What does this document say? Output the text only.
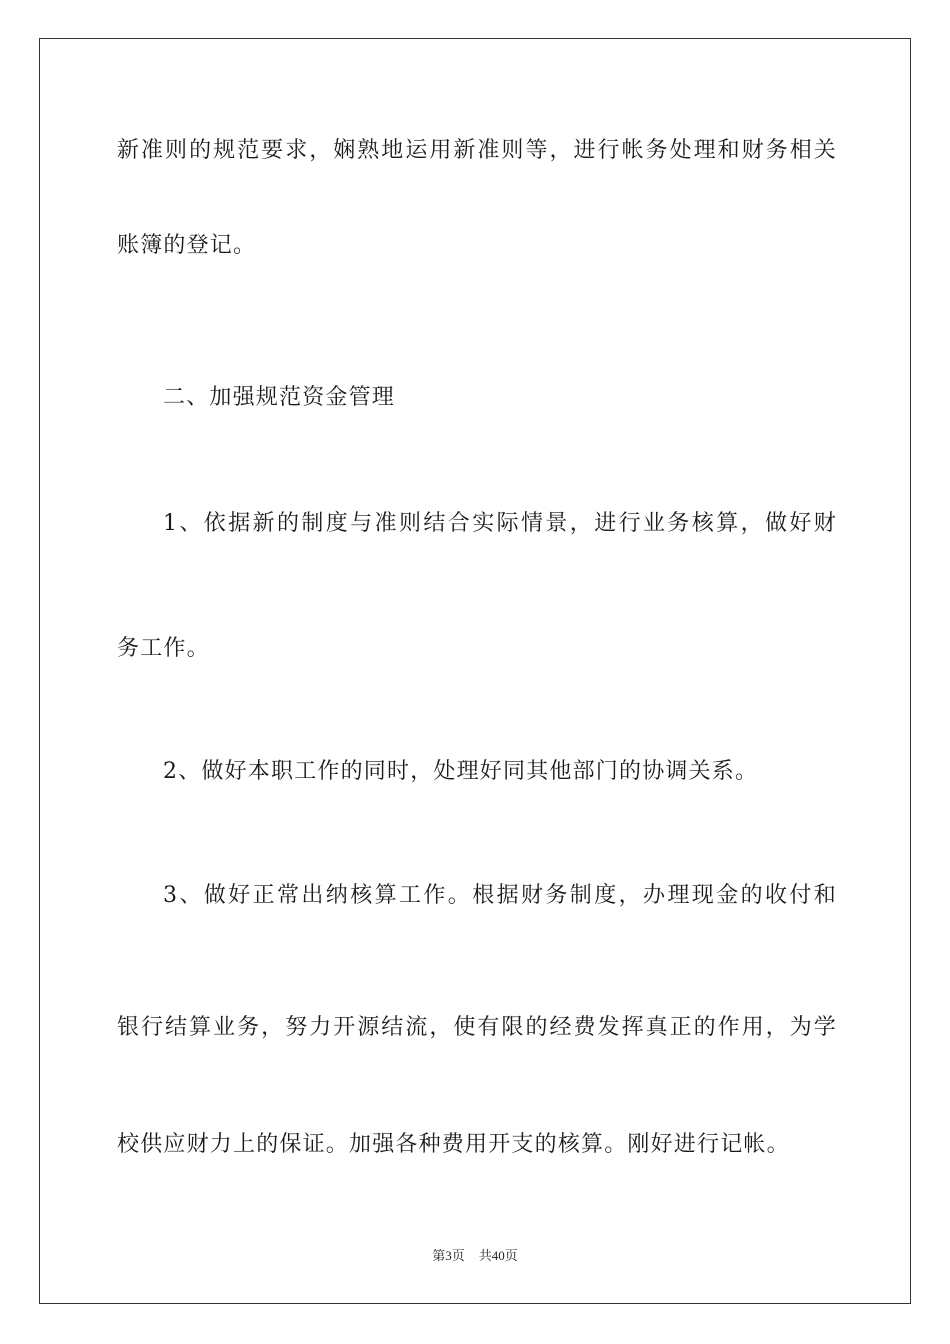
新准则的规范要求，娴熟地运用新准则等，进行帐务处理和财务相关
账簿的登记。
二、加强规范资金管理
1、依据新的制度与准则结合实际情景，进行业务核算，做好财
务工作。
2、做好本职工作的同时，处理好同其他部门的协调关系。
3、做好正常出纳核算工作。根据财务制度，办理现金的收付和
银行结算业务，努力开源结流，使有限的经费发挥真正的作用，为学
校供应财力上的保证。加强各种费用开支的核算。刚好进行记帐。
第3页 共40页
